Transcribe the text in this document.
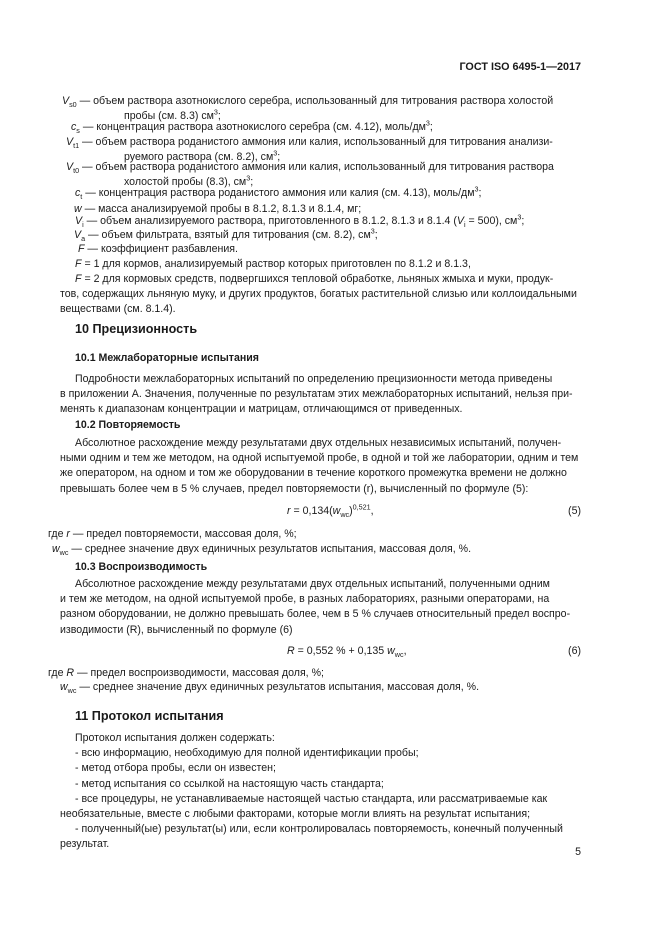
ГОСТ ISO 6495-1—2017
$V_{s0}$ — объем раствора азотнокислого серебра, использованный для титрования раствора холостой
пробы (см. 8.3) $см^3$;
$c_s$ — концентрация раствора азотнокислого серебра (см. 4.12), моль/$дм^3$;
$V_{t1}$ — объем раствора роданистого аммония или калия, использованный для титрования анализи-
руемого раствора (см. 8.2), $см^3$;
$V_{t0}$ — объем раствора роданистого аммония или калия, использованный для титрования раствора
холостой пробы (8.3), $см^3$;
$c_t$ — концентрация раствора роданистого аммония или калия (см. 4.13), моль/$дм^3$;
w — масса анализируемой пробы в 8.1.2, 8.1.3 и 8.1.4, мг;
$V_i$ — объем анализируемого раствора, приготовленного в 8.1.2, 8.1.3 и 8.1.4 $(V_i = 500)$, $см^3$;
$V_a$ — объем фильтрата, взятый для титрования (см. 8.2), $см^3$;
F — коэффициент разбавления.
F = 1 для кормов, анализируемый раствор которых приготовлен по 8.1.2 и 8.1.3,
F = 2 для кормовых средств, подвергшихся тепловой обработке, льняных жмыха и муки, продук-
тов, содержащих льняную муку, и других продуктов, богатых растительной слизью или коллоидальными
веществами (см. 8.1.4).
10 Прецизионность
10.1 Межлабораторные испытания
Подробности межлабораторных испытаний по определению прецизионности метода приведены
в приложении А. Значения, полученные по результатам этих межлабораторных испытаний, нельзя при-
менять к диапазонам концентрации и матрицам, отличающимся от приведенных.
10.2 Повторяемость
Абсолютное расхождение между результатами двух отдельных независимых испытаний, получен-
ными одним и тем же методом, на одной испытуемой пробе, в одной и той же лаборатории, одним и тем
же оператором, на одном и том же оборудовании в течение короткого промежутка времени не должно
превышать более чем в 5 % случаев, предел повторяемости (r), вычисленный по формуле (5):
$r = 0,134(w_{wc})^{0,521}$,	(5)
где r — предел повторяемости, массовая доля, %;
$w_{wc}$ — среднее значение двух единичных результатов испытания, массовая доля, %.
10.3 Воспроизводимость
Абсолютное расхождение между результатами двух отдельных испытаний, полученными одним
и тем же методом, на одной испытуемой пробе, в разных лабораториях, разными операторами, на
разном оборудовании, не должно превышать более, чем в 5 % случаев относительный предел воспро-
изводимости (R), вычисленный по формуле (6)
R = 0,552 % + 0,135 $w_{wc}$,	(6)
где R — предел воспроизводимости, массовая доля, %;
$w_{wc}$ — среднее значение двух единичных результатов испытания, массовая доля, %.
11 Протокол испытания
Протокол испытания должен содержать:
- всю информацию, необходимую для полной идентификации пробы;
- метод отбора пробы, если он известен;
- метод испытания со ссылкой на настоящую часть стандарта;
- все процедуры, не устанавливаемые настоящей частью стандарта, или рассматриваемые как
необязательные, вместе с любыми факторами, которые могли влиять на результат испытания;
- полученный(ые) результат(ы) или, если контролировалась повторяемость, конечный полученный
результат.
5
